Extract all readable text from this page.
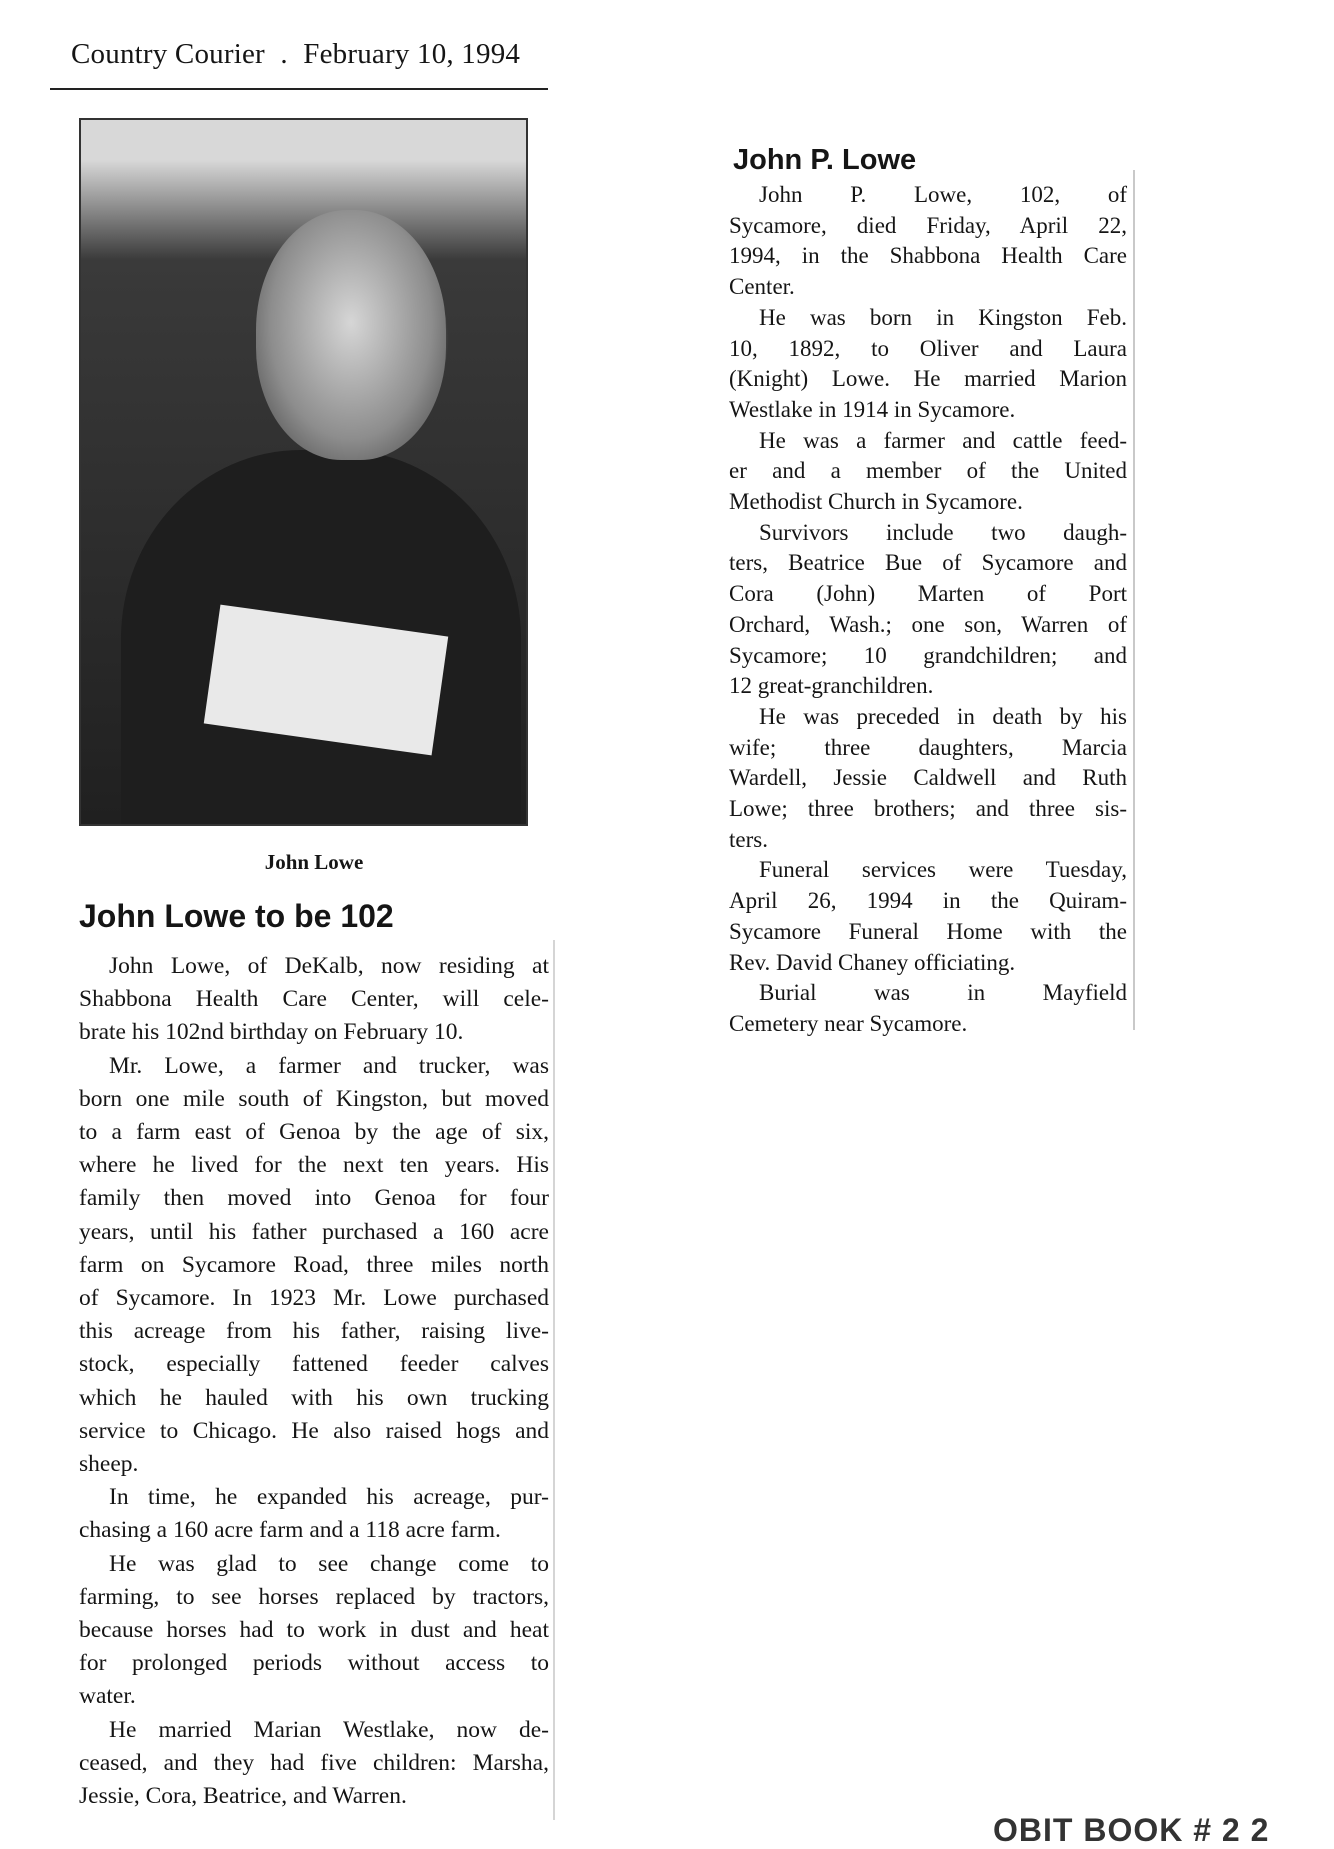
Country Courier . February 10, 1994
John Lowe
John Lowe to be 102
John Lowe, of DeKalb, now residing at
Shabbona Health Care Center, will cele-
brate his 102nd birthday on February 10.
Mr. Lowe, a farmer and trucker, was
born one mile south of Kingston, but moved
to a farm east of Genoa by the age of six,
where he lived for the next ten years. His
family then moved into Genoa for four
years, until his father purchased a 160 acre
farm on Sycamore Road, three miles north
of Sycamore. In 1923 Mr. Lowe purchased
this acreage from his father, raising live-
stock, especially fattened feeder calves
which he hauled with his own trucking
service to Chicago. He also raised hogs and
sheep.
In time, he expanded his acreage, pur-
chasing a 160 acre farm and a 118 acre farm.
He was glad to see change come to
farming, to see horses replaced by tractors,
because horses had to work in dust and heat
for prolonged periods without access to
water.
He married Marian Westlake, now de-
ceased, and they had five children: Marsha,
Jessie, Cora, Beatrice, and Warren.
John P. Lowe
John P. Lowe, 102, of
Sycamore, died Friday, April 22,
1994, in the Shabbona Health Care
Center.
He was born in Kingston Feb.
10, 1892, to Oliver and Laura
(Knight) Lowe. He married Marion
Westlake in 1914 in Sycamore.
He was a farmer and cattle feed-
er and a member of the United
Methodist Church in Sycamore.
Survivors include two daugh-
ters, Beatrice Bue of Sycamore and
Cora (John) Marten of Port
Orchard, Wash.; one son, Warren of
Sycamore; 10 grandchildren; and
12 great-granchildren.
He was preceded in death by his
wife; three daughters, Marcia
Wardell, Jessie Caldwell and Ruth
Lowe; three brothers; and three sis-
ters.
Funeral services were Tuesday,
April 26, 1994 in the Quiram-
Sycamore Funeral Home with the
Rev. David Chaney officiating.
Burial was in Mayfield
Cemetery near Sycamore.
OBIT BOOK # 2 2
